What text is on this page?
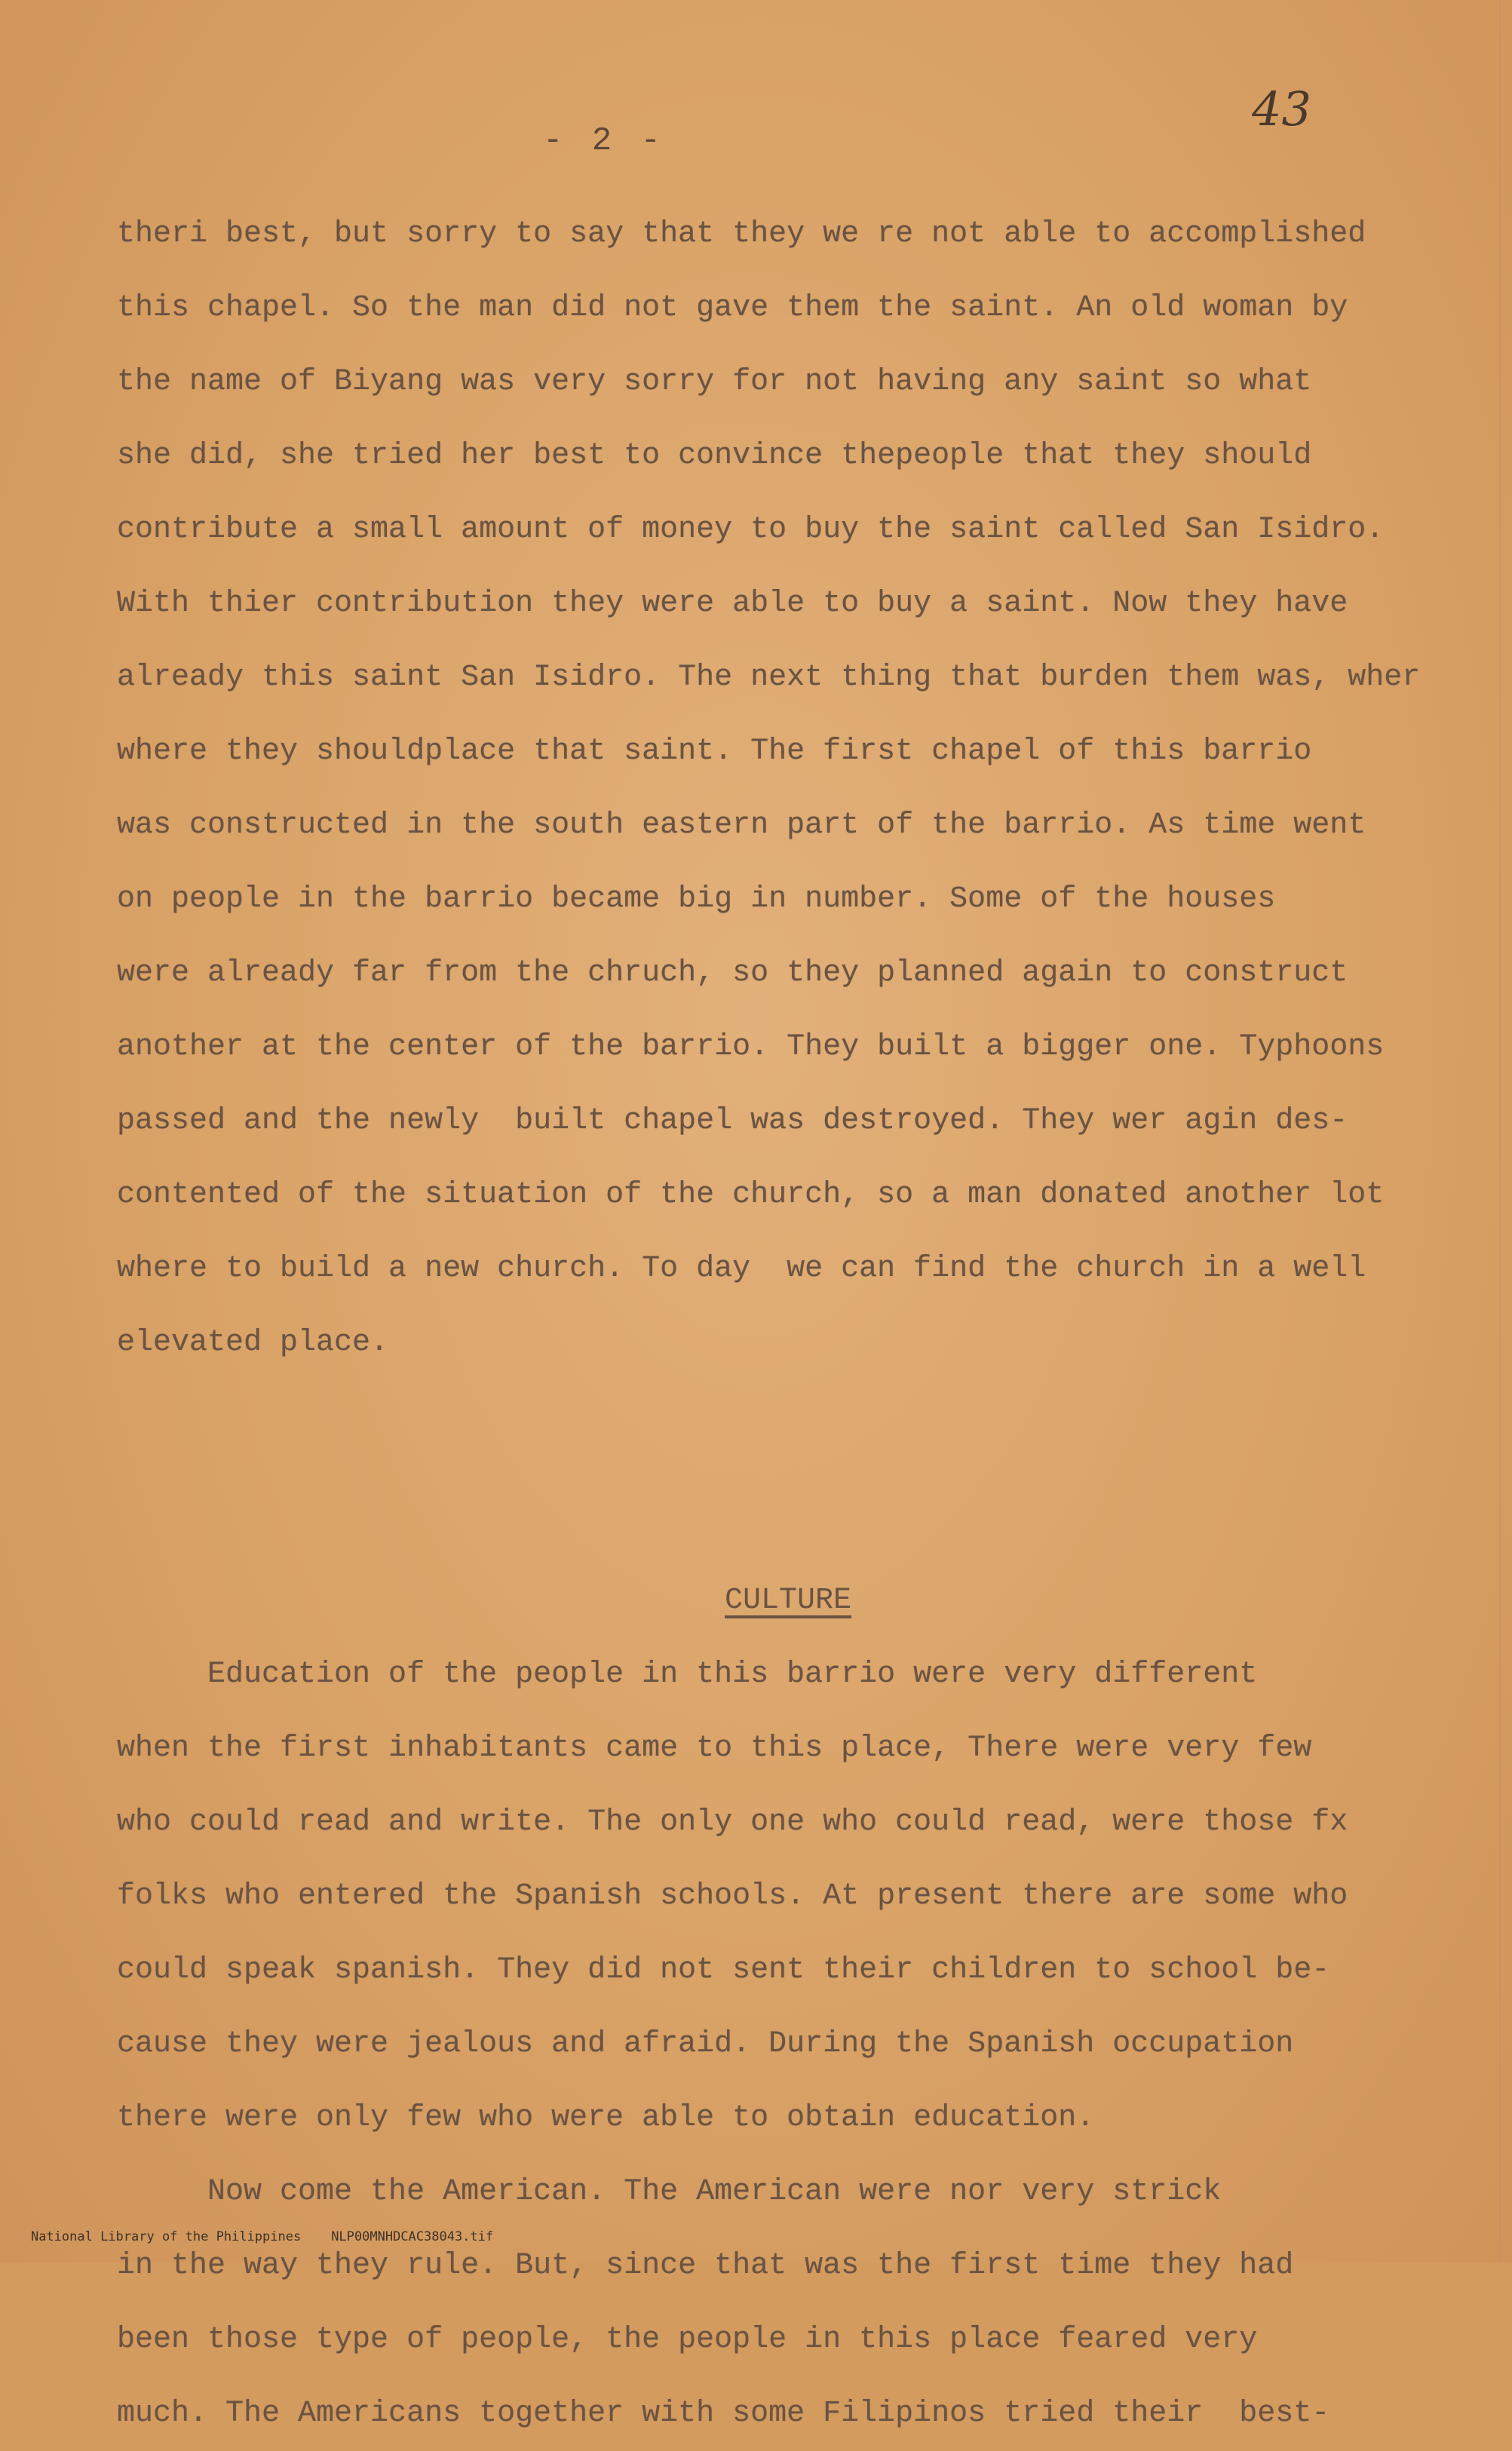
- 2 -
43
theri best, but sorry to say that they we re not able to accomplished
this chapel. So the man did not gave them the saint. An old woman by
the name of Biyang was very sorry for not having any saint so what
she did, she tried her best to convince thepeople that they should
contribute a small amount of money to buy the saint called San Isidro.
With thier contribution they were able to buy a saint. Now they have
already this saint San Isidro. The next thing that burden them was, wher
where they shouldplace that saint. The first chapel of this barrio
was constructed in the south eastern part of the barrio. As time went
on people in the barrio became big in number. Some of the houses
were already far from the chruch, so they planned again to construct
another at the center of the barrio. They built a bigger one. Typhoons
passed and the newly  built chapel was destroyed. They wer agin des-
contented of the situation of the church, so a man donated another lot
where to build a new church. To day  we can find the church in a well
elevated place.
CULTURE
Education of the people in this barrio were very different
when the first inhabitants came to this place, There were very few
who could read and write. The only one who could read, were those fx
folks who entered the Spanish schools. At present there are some who
could speak spanish. They did not sent their children to school be-
cause they were jealous and afraid. During the Spanish occupation
there were only few who were able to obtain education.
Now come the American. The American were nor very strick
in the way they rule. But, since that was the first time they had
been those type of people, the people in this place feared very
much. The Americans together with some Filipinos tried their  best-

National Library of the Philippines NLP00MNHDCAC38043.tif
